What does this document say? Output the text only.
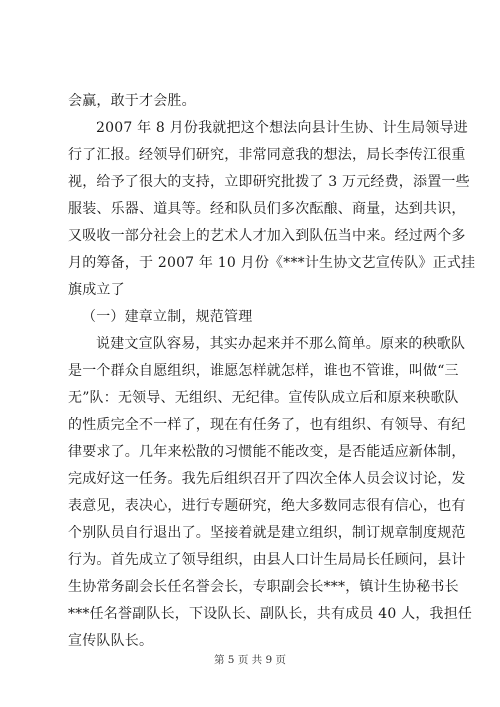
会赢，敢于才会胜。
2007 年 8 月份我就把这个想法向县计生协、计生局领导进
行了汇报。经领导们研究，非常同意我的想法，局长李传江很重
视，给予了很大的支持，立即研究批拨了 3 万元经费，添置一些
服装、乐器、道具等。经和队员们多次酝酿、商量，达到共识，
又吸收一部分社会上的艺术人才加入到队伍当中来。经过两个多
月的筹备，于 2007 年 10 月份《***计生协文艺宣传队》正式挂
旗成立了
（一）建章立制，规范管理
说建文宣队容易，其实办起来并不那么简单。原来的秧歌队
是一个群众自愿组织，谁愿怎样就怎样，谁也不管谁，叫做“三
无”队：无领导、无组织、无纪律。宣传队成立后和原来秧歌队
的性质完全不一样了，现在有任务了，也有组织、有领导、有纪
律要求了。几年来松散的习惯能不能改变，是否能适应新体制，
完成好这一任务。我先后组织召开了四次全体人员会议讨论，发
表意见，表决心，进行专题研究，绝大多数同志很有信心，也有
个别队员自行退出了。坚接着就是建立组织，制订规章制度规范
行为。首先成立了领导组织，由县人口计生局局长任顾问，县计
生协常务副会长任名誉会长，专职副会长***，镇计生协秘书长
***任名誉副队长，下设队长、副队长，共有成员 40 人，我担任
宣传队队长。
第 5 页 共 9 页
